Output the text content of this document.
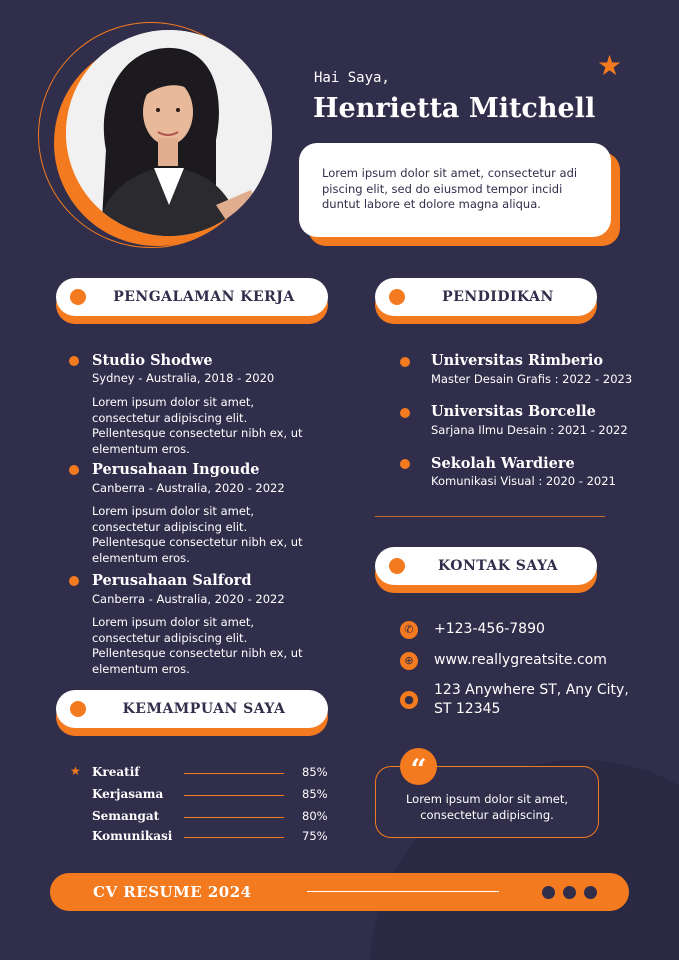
★
Hai Saya,
Henrietta Mitchell
Lorem ipsum dolor sit amet, consectetur adi piscing elit, sed do eiusmod tempor incidi duntut labore et dolore magna aliqua.
PENGALAMAN KERJA
Studio Shodwe
Sydney - Australia, 2018 - 2020
Lorem ipsum dolor sit amet, consectetur adipiscing elit. Pellentesque consectetur nibh ex, ut elementum eros.
Perusahaan Ingoude
Canberra - Australia, 2020 - 2022
Lorem ipsum dolor sit amet, consectetur adipiscing elit. Pellentesque consectetur nibh ex, ut elementum eros.
Perusahaan Salford
Canberra - Australia, 2020 - 2022
Lorem ipsum dolor sit amet, consectetur adipiscing elit. Pellentesque consectetur nibh ex, ut elementum eros.
PENDIDIKAN
Universitas Rimberio
Master Desain Grafis : 2022 - 2023
Universitas Borcelle
Sarjana Ilmu Desain : 2021 - 2022
Sekolah Wardiere
Komunikasi Visual : 2020 - 2021
KONTAK SAYA
✆	+123-456-7890
⊕	www.reallygreatsite.com
●
123 Anywhere ST, Any City,
ST 12345
Lorem ipsum dolor sit amet,
consectetur adipiscing.
“
KEMAMPUAN SAYA
★ Kreatif	85%
Kerjasama	85%
Semangat	80%
Komunikasi	75%
CV RESUME 2024
